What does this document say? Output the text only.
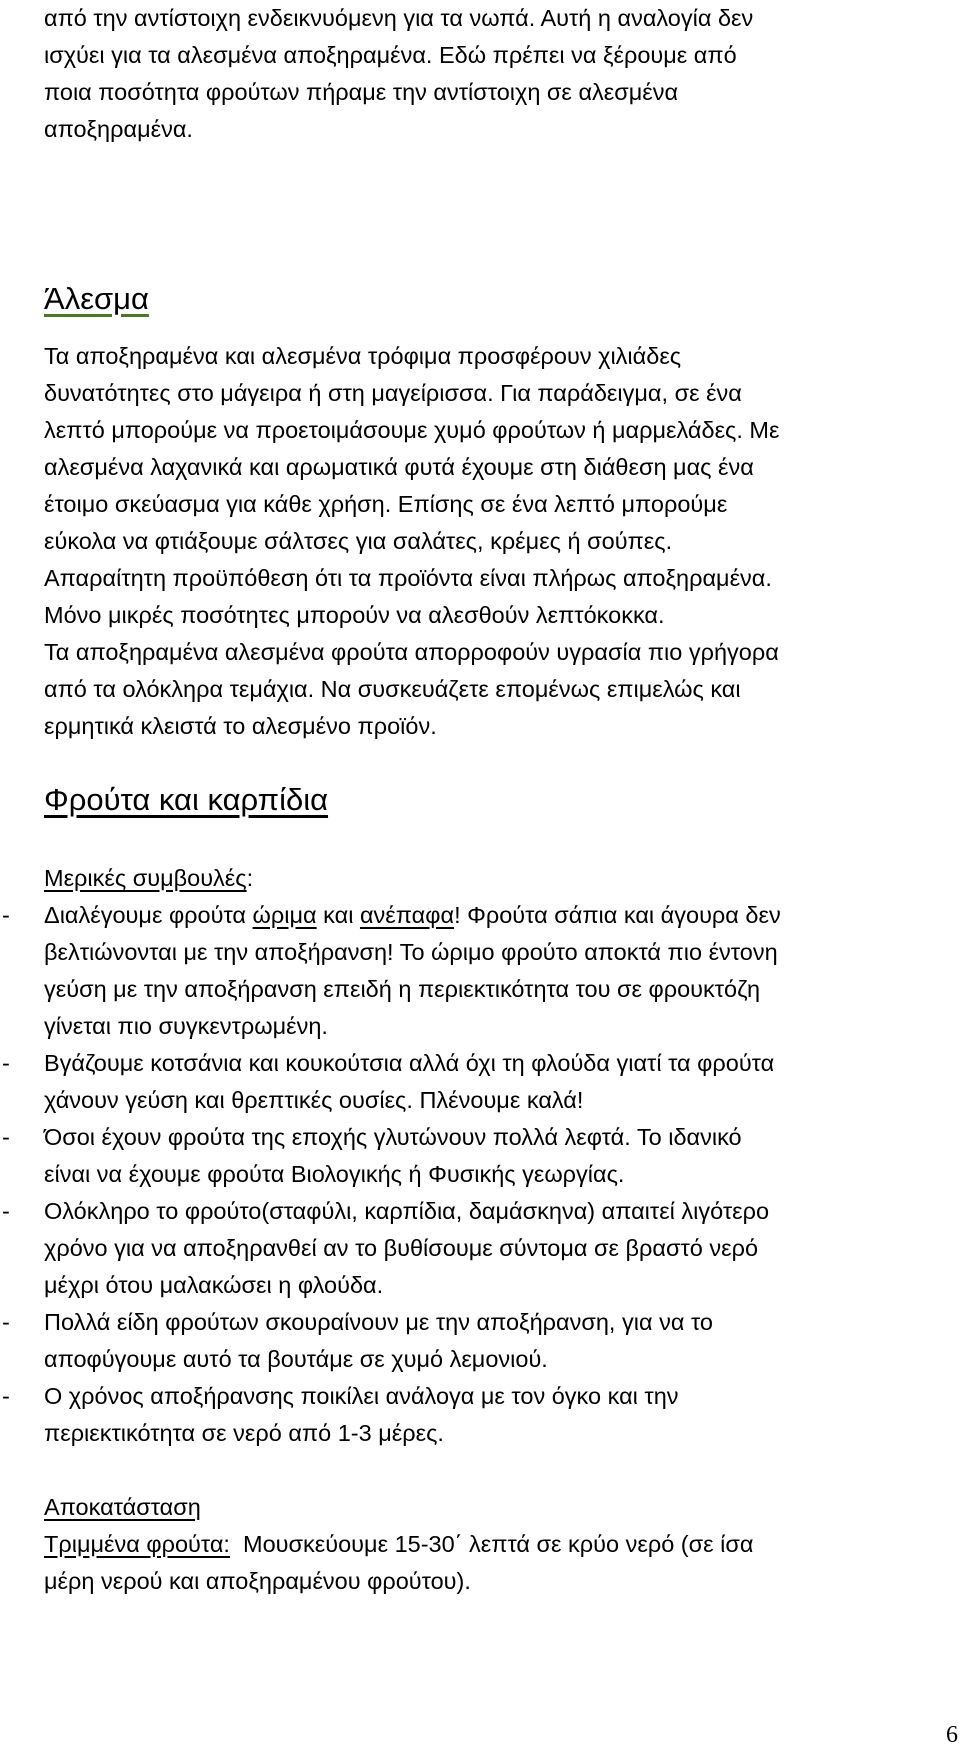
από την αντίστοιχη ενδεικνυόμενη για τα νωπά. Αυτή η αναλογία δεν

ισχύει για τα αλεσμένα αποξηραμένα. Εδώ πρέπει να ξέρουμε από

ποια ποσότητα φρούτων πήραμε την αντίστοιχη σε αλεσμένα

αποξηραμένα.

Άλεσμα

Τα αποξηραμένα και αλεσμένα τρόφιμα προσφέρουν χιλιάδες

δυνατότητες στο μάγειρα ή στη μαγείρισσα. Για παράδειγμα, σε ένα

λεπτό μπορούμε να προετοιμάσουμε χυμό φρούτων ή μαρμελάδες. Με

αλεσμένα λαχανικά και αρωματικά φυτά έχουμε στη διάθεση μας ένα

έτοιμο σκεύασμα για κάθε χρήση. Επίσης σε ένα λεπτό μπορούμε

εύκολα να φτιάξουμε σάλτσες για σαλάτες, κρέμες ή σούπες.

Απαραίτητη προϋπόθεση ότι τα προϊόντα είναι πλήρως αποξηραμένα.

Μόνο μικρές ποσότητες μπορούν να αλεσθούν λεπτόκοκκα.

Τα αποξηραμένα αλεσμένα φρούτα απορροφούν υγρασία πιο γρήγορα

από τα ολόκληρα τεμάχια. Να συσκευάζετε επομένως επιμελώς και

ερμητικά κλειστά το αλεσμένο προϊόν.

Φρούτα και καρπίδια

Μερικές συμβουλές:

- Διαλέγουμε φρούτα ώριμα και ανέπαφα! Φρούτα σάπια και άγουρα δεν

βελτιώνονται με την αποξήρανση! Το ώριμο φρούτο αποκτά πιο έντονη

γεύση με την αποξήρανση επειδή η περιεκτικότητα του σε φρουκτόζη

γίνεται πιο συγκεντρωμένη.

- Βγάζουμε κοτσάνια και κουκούτσια αλλά όχι τη φλούδα γιατί τα φρούτα

χάνουν γεύση και θρεπτικές ουσίες. Πλένουμε καλά!

- Όσοι έχουν φρούτα της εποχής γλυτώνουν πολλά λεφτά. Το ιδανικό

είναι να έχουμε φρούτα Βιολογικής ή Φυσικής γεωργίας.

- Ολόκληρο το φρούτο(σταφύλι, καρπίδια, δαμάσκηνα) απαιτεί λιγότερο

χρόνο για να αποξηρανθεί αν το βυθίσουμε σύντομα σε βραστό νερό

μέχρι ότου μαλακώσει η φλούδα.

- Πολλά είδη φρούτων σκουραίνουν με την αποξήρανση, για να το

αποφύγουμε αυτό τα βουτάμε σε χυμό λεμονιού.

- Ο χρόνος αποξήρανσης ποικίλει ανάλογα με τον όγκο και την

περιεκτικότητα σε νερό από 1-3 μέρες.

Αποκατάσταση

Τριμμένα φρούτα:  Μουσκεύουμε 15-30΄ λεπτά σε κρύο νερό (σε ίσα

μέρη νερού και αποξηραμένου φρούτου).

6
